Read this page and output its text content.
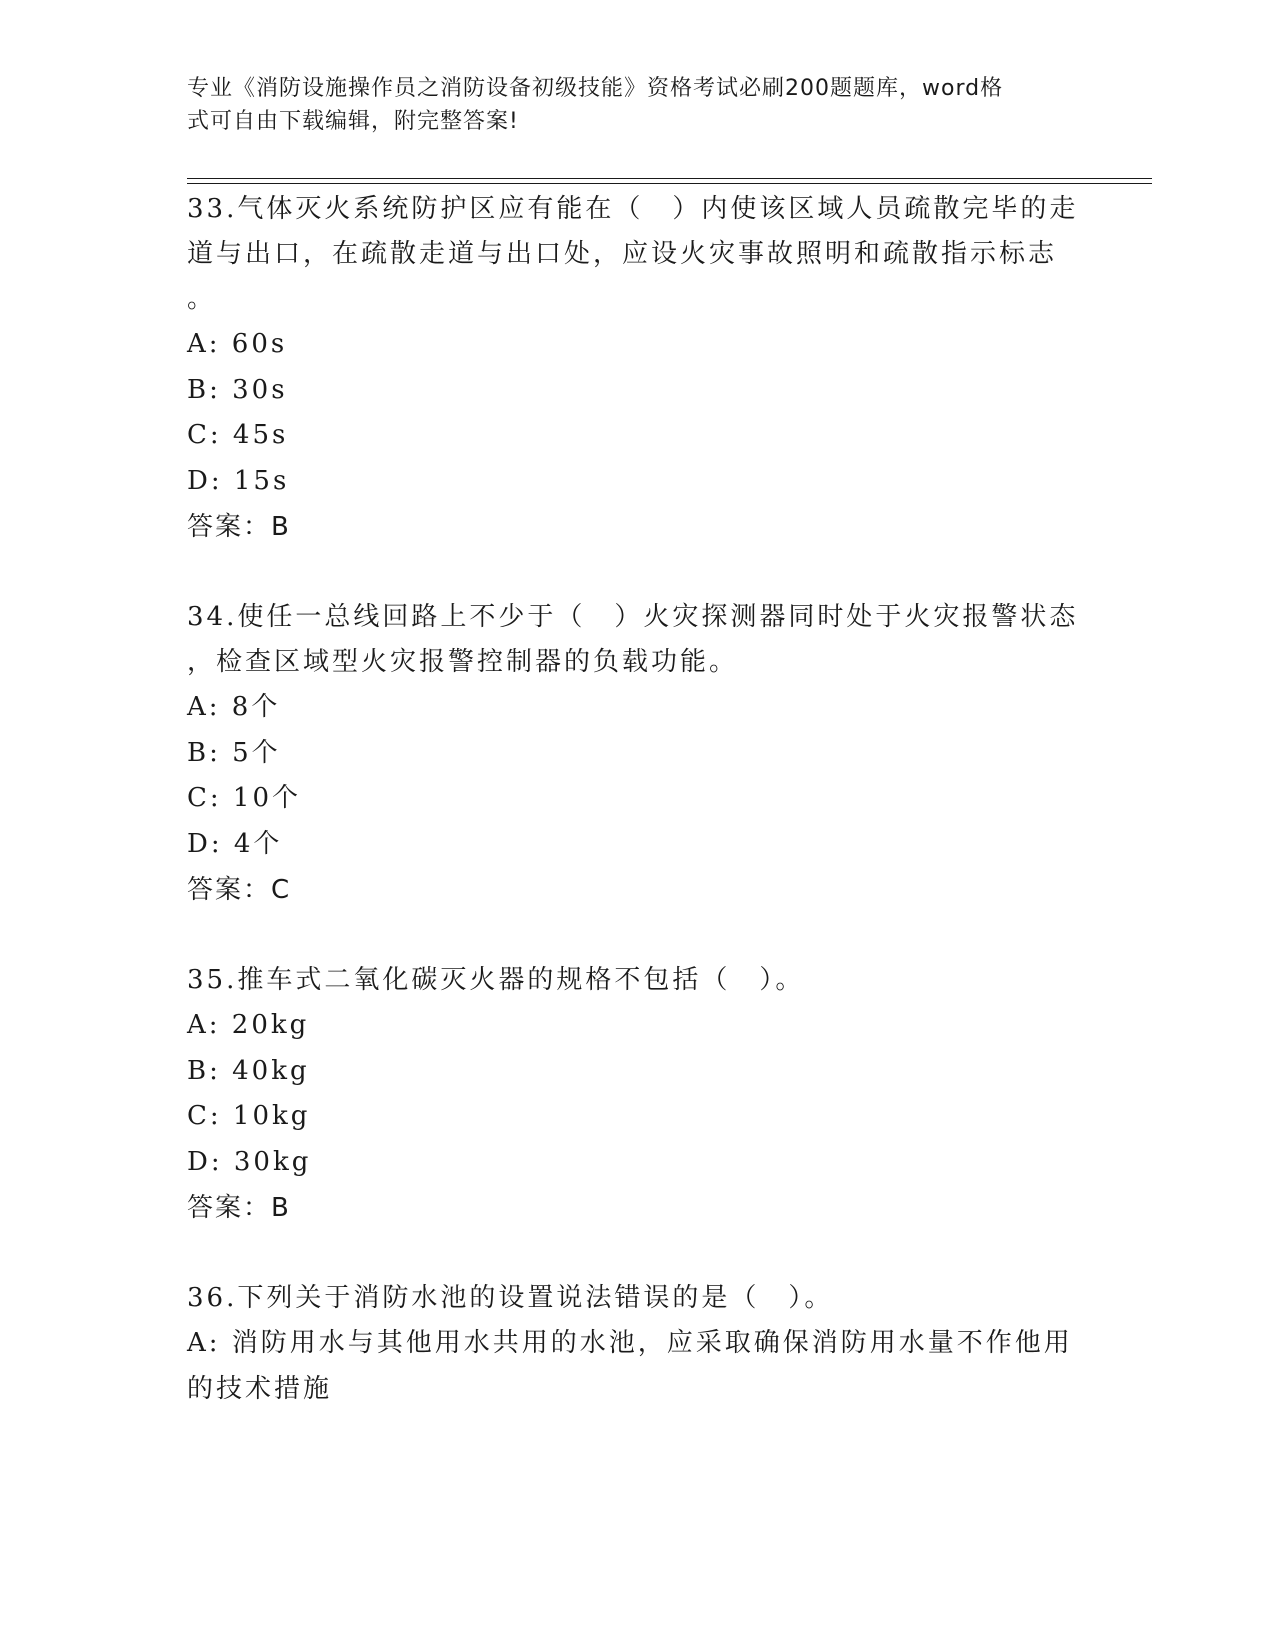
专业《消防设施操作员之消防设备初级技能》资格考试必刷200题题库，word格
式可自由下载编辑，附完整答案!
33.气体灭火系统防护区应有能在（　）内使该区域人员疏散完毕的走
道与出口，在疏散走道与出口处，应设火灾事故照明和疏散指示标志
。
A: 60s
B: 30s
C: 45s
D: 15s
答案：B
34.使任一总线回路上不少于（　）火灾探测器同时处于火灾报警状态
，检查区域型火灾报警控制器的负载功能。
A: 8个
B: 5个
C: 10个
D: 4个
答案：C
35.推车式二氧化碳灭火器的规格不包括（　）。
A: 20kg
B: 40kg
C: 10kg
D: 30kg
答案：B
36.下列关于消防水池的设置说法错误的是（　）。
A: 消防用水与其他用水共用的水池，应采取确保消防用水量不作他用
的技术措施
